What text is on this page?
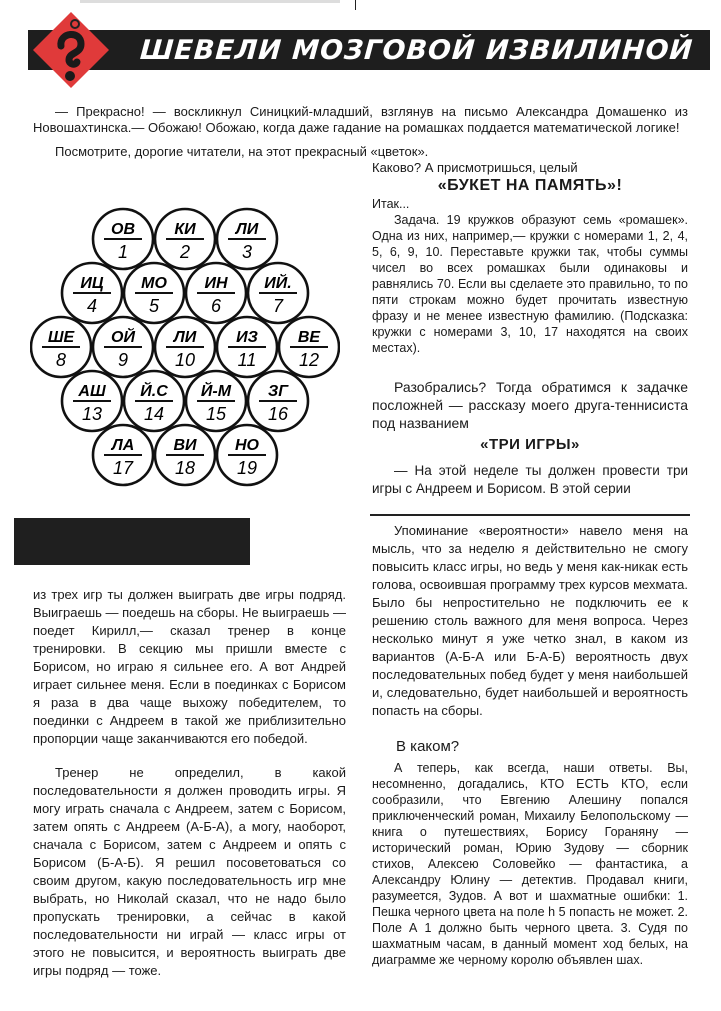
ШЕВЕЛИ МОЗГОВОЙ ИЗВИЛИНОЙ

— Прекрасно! — воскликнул Синицкий-младший, взглянув на письмо Александра Домашенко из Новошахтинска.— Обожаю! Обожаю, когда даже гадание на ромашках поддается математической логике!

Посмотрите, дорогие читатели, на этот прекрасный «цветок».

Каково? А присмотришься, целый
«БУКЕТ НА ПАМЯТЬ»!
Итак...

Задача. 19 кружков образуют семь «ромашек». Одна из них, например,— кружки с номерами 1, 2, 4, 5, 6, 9, 10. Переставьте кружки так, чтобы суммы чисел во всех ромашках были одинаковы и равнялись 70. Если вы сделаете это правильно, то по пяти строкам можно будет прочитать известную фразу и не менее известную фамилию. (Подсказка: кружки с номерами 3, 10, 17 находятся на своих местах).

ОВ
1
КИ
2
ЛИ
3
ИЦ
4
МО
5
ИН
6
ИЙ.
7
ШЕ
8
ОЙ
9
ЛИ
10
ИЗ
11
ВЕ
12
АШ
13
Й.С
14
Й-М
15
ЗГ
16
ЛА
17
ВИ
18
НО
19

Разобрались? Тогда обратимся к задачке посложней — рассказу моего друга-теннисиста под названием

«ТРИ ИГРЫ»

— На этой неделе ты должен провести три игры с Андреем и Борисом. В этой серии

из трех игр ты должен выиграть две игры подряд. Выиграешь — поедешь на сборы. Не выиграешь — поедет Кирилл,— сказал тренер в конце тренировки. В секцию мы пришли вместе с Борисом, но играю я сильнее его. А вот Андрей играет сильнее меня. Если в поединках с Борисом я раза в два чаще выхожу победителем, то поединки с Андреем в такой же приблизительно пропорции чаще заканчиваются его победой.

Тренер не определил, в какой последовательности я должен проводить игры. Я могу играть сначала с Андреем, затем с Борисом, затем опять с Андреем (А-Б-А), а могу, наоборот, сначала с Борисом, затем с Андреем и опять с Борисом (Б-А-Б). Я решил посоветоваться со своим другом, какую последовательность игр мне выбрать, но Николай сказал, что не надо было пропускать тренировки, а сейчас в какой последовательности ни играй — класс игры от этого не повысится, и вероятность выиграть две игры подряд — тоже.

Упоминание «вероятности» навело меня на мысль, что за неделю я действительно не смогу повысить класс игры, но ведь у меня как-никак есть голова, освоившая программу трех курсов мехмата. Было бы непростительно не подключить ее к решению столь важного для меня вопроса. Через несколько минут я уже четко знал, в каком из вариантов (А-Б-А или Б-А-Б) вероятность двух последовательных побед будет у меня наибольшей и, следовательно, будет наибольшей и вероятность попасть на сборы.

В каком?

А теперь, как всегда, наши ответы. Вы, несомненно, догадались, КТО ЕСТЬ КТО, если сообразили, что Евгению Алешину попался приключенческий роман, Михаилу Белопольскому — книга о путешествиях, Борису Гораняну — исторический роман, Юрию Зудову — сборник стихов, Алексею Соловейко — фантастика, а Александру Юлину — детектив. Продавал книги, разумеется, Зудов. А вот и шахматные ошибки: 1. Пешка черного цвета на поле h 5 попасть не может. 2. Поле А 1 должно быть черного цвета. 3. Судя по шахматным часам, в данный момент ход белых, на диаграмме же черному королю объявлен шах.
